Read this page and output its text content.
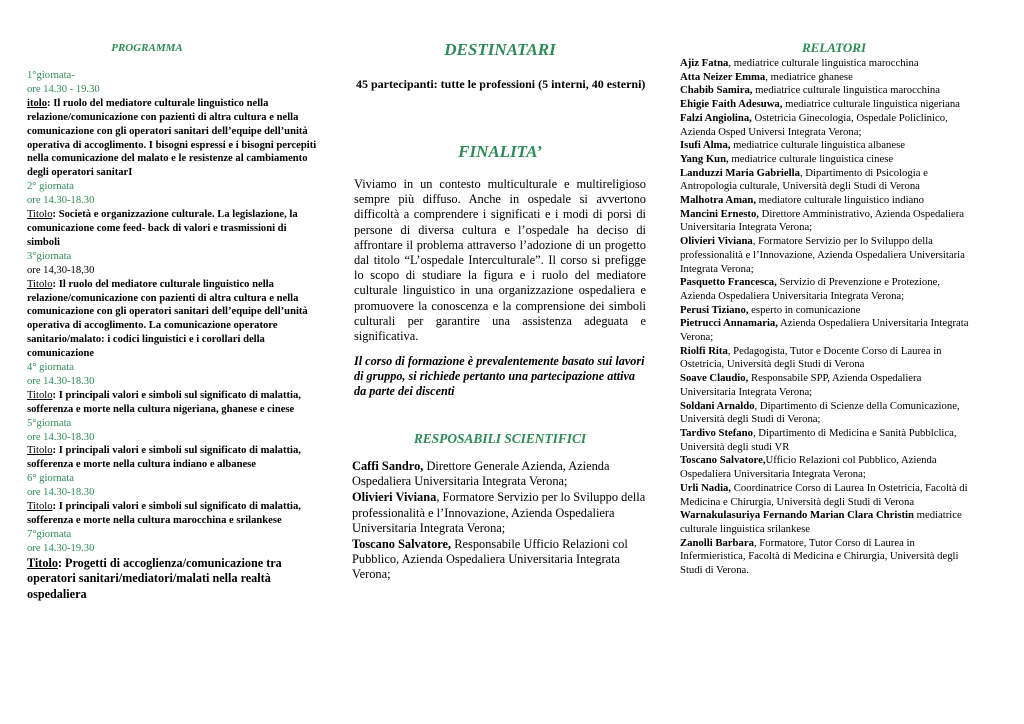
PROGRAMMA
1°giornata-
ore 14.30 - 19.30
itolo: Il ruolo del mediatore culturale linguistico nella relazione/comunicazione con pazienti di altra cultura e nella comunicazione con gli operatori sanitari dell’equipe dell’unità operativa di accoglimento. I bisogni espressi e i bisogni percepiti nella comunicazione del malato e le resistenze al cambiamento degli operatori sanitarI
2° giornata
ore 14.30-18.30
Titolo: Società e organizzazione culturale. La legislazione, la comunicazione come feed- back di valori e trasmissioni di simboli
3°giornata
ore 14,30-18,30
Titolo: Il ruolo del mediatore culturale linguistico nella relazione/comunicazione con pazienti di altra cultura e nella comunicazione con gli operatori sanitari dell’equipe dell’unità operativa di accoglimento. La comunicazione operatore sanitario/malato: i codici linguistici e i corollari della comunicazione
4° giornata
ore 14.30-18.30
Titolo: I principali valori e simboli sul significato di malattia, sofferenza e morte nella cultura nigeriana, ghanese e cinese
5°giornata
ore 14.30-18.30
Titolo: I principali valori e simboli sul significato di malattia, sofferenza e morte nella cultura indiano e albanese
6° giornata
ore 14.30-18.30
Titolo: I principali valori e simboli sul significato di malattia, sofferenza e morte nella cultura marocchina e srilankese
7°giornata
ore 14.30-19.30
Titolo: Progetti di accoglienza/comunicazione tra operatori sanitari/mediatori/malati nella realtà ospedaliera
DESTINATARI
45 partecipanti: tutte le professioni (5 interni, 40 esterni)
FINALITA’
Viviamo in un contesto multiculturale e multireligioso sempre più diffuso. Anche in ospedale si avvertono difficoltà a comprendere i significati e i modi di porsi di persone di diversa cultura e l’ospedale ha deciso di affrontare il problema attraverso l’adozione di un progetto dal titolo “L’ospedale Interculturale”. Il corso si prefigge lo scopo di studiare la figura e i ruolo del mediatore culturale linguistico in una organizzazione ospedaliera e promuovere la conoscenza e la comprensione dei simboli culturali per garantire una assistenza adeguata e significativa.
Il corso di formazione è prevalentemente basato sui lavori di gruppo, si richiede pertanto una partecipazione attiva da parte dei discenti
RESPOSABILI SCIENTIFICI
Caffi Sandro, Direttore Generale Azienda, Azienda Ospedaliera Universitaria Integrata Verona;
Olivieri Viviana, Formatore Servizio per lo Sviluppo della professionalità e l’Innovazione, Azienda Ospedaliera Universitaria Integrata Verona;
Toscano Salvatore, Responsabile Ufficio Relazioni col Pubblico, Azienda Ospedaliera Universitaria Integrata Verona;
RELATORI
Ajiz Fatna, mediatrice culturale linguistica marocchina
Atta Neizer Emma, mediatrice ghanese
Chabib Samira, mediatrice culturale linguistica marocchina
Ehigie Faith Adesuwa, mediatrice culturale linguistica nigeriana
Falzi Angiolina, Ostetricia Ginecologia, Ospedale Policlinico, Azienda Osped Universi Integrata Verona;
Isufi Alma, mediatrice culturale linguistica albanese
Yang Kun, mediatrice culturale linguistica cinese
Landuzzi Maria Gabriella, Dipartimento di Psicologia e Antropologia culturale, Università degli Studi di Verona
Malhotra Aman, mediatore culturale linguistico indiano
Mancini Ernesto, Direttore Amministrativo, Azienda Ospedaliera Universitaria Integrata Verona;
Olivieri Viviana, Formatore Servizio per lo Sviluppo della professionalità e l’Innovazione, Azienda Ospedaliera Universitaria Integrata Verona;
Pasquetto Francesca, Servizio di Prevenzione e Protezione, Azienda Ospedaliera Universitaria Integrata Verona;
Perusi Tiziano, esperto in comunicazione
Pietrucci Annamaria, Azienda Ospedaliera Universitaria Integrata Verona;
Riolfi Rita, Pedagogista, Tutor e Docente Corso di Laurea in Ostetricia, Università degli Studi di Verona
Soave Claudio, Responsabile SPP, Azienda Ospedaliera Universitaria Integrata Verona;
Soldani Arnaldo, Dipartimento di Scienze della Comunicazione, Università degli Studi di Verona;
Tardivo Stefano, Dipartimento di Medicina e Sanità Pubblclica, Università degli studi VR
Toscano Salvatore,Ufficio Relazioni col Pubblico, Azienda Ospedaliera Universitaria Integrata Verona;
Urli Nadia, Coordinatrice Corso di Laurea In Ostetricia, Facoltà di Medicina e Chirurgia, Università degli Studi di Verona
Warnakulasuriya Fernando Marian Clara Christin mediatrice culturale linguistica srilankese
Zanolli Barbara, Formatore, Tutor Corso di Laurea in Infermieristica, Facoltà di Medicina e Chirurgia, Università degli Studi di Verona.
